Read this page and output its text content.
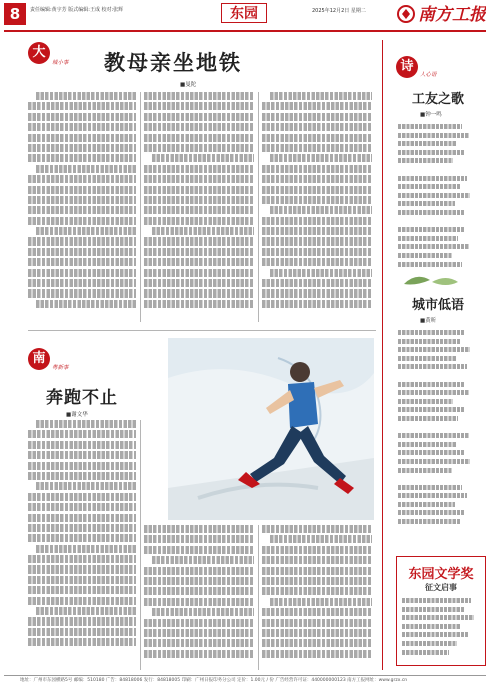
8	责任编辑:黄宇芳 版式编辑:王成 校对:张辉	东园	2025年12月2日 星期二	南方工报
大
城小事 教母亲坐地铁
■曼陀
南
粤新事
奔跑不止
■谢文华
诗
人心语
工友之歌
■钟一鸣
城市低语
■黄昕
东园文学奖
征文启事
地址：广州市东园横路5号 邮编：510180 广告：84818006 发行：84818005 印刷：广州日报印务分公司 定价：1.00元 / 份 广告经营许可证：440000000123 南方工报网址：www.grzx.cn
